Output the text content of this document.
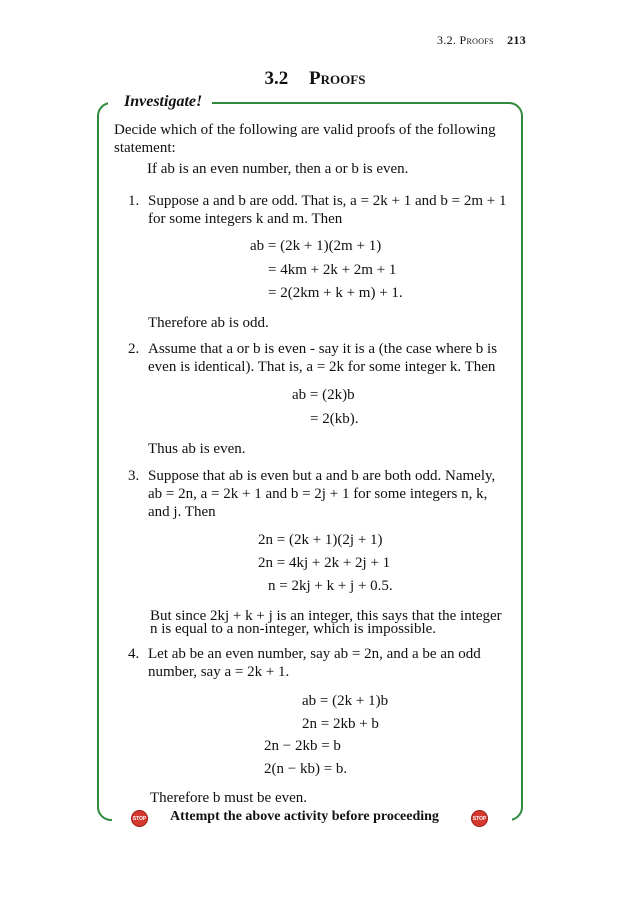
3.2. Proofs 213
3.2 Proofs
Investigate!
Decide which of the following are valid proofs of the following statement:
If ab is an even number, then a or b is even.
1. Suppose a and b are odd. That is, a = 2k + 1 and b = 2m + 1
for some integers k and m. Then
ab = (2k + 1)(2m + 1)
= 4km + 2k + 2m + 1
= 2(2km + k + m) + 1.
Therefore ab is odd.
2. Assume that a or b is even - say it is a (the case where b is
even is identical). That is, a = 2k for some integer k. Then
ab = (2k)b
= 2(kb).
Thus ab is even.
3. Suppose that ab is even but a and b are both odd. Namely,
ab = 2n, a = 2k + 1 and b = 2j + 1 for some integers n, k,
and j. Then
2n = (2k + 1)(2j + 1)
2n = 4kj + 2k + 2j + 1
n = 2kj + k + j + 0.5.
But since 2kj + k + j is an integer, this says that the integer
n is equal to a non-integer, which is impossible.
4. Let ab be an even number, say ab = 2n, and a be an odd
number, say a = 2k + 1.
ab = (2k + 1)b
2n = 2kb + b
2n − 2kb = b
2(n − kb) = b.
Therefore b must be even.
STOP Attempt the above activity before proceeding	STOP
